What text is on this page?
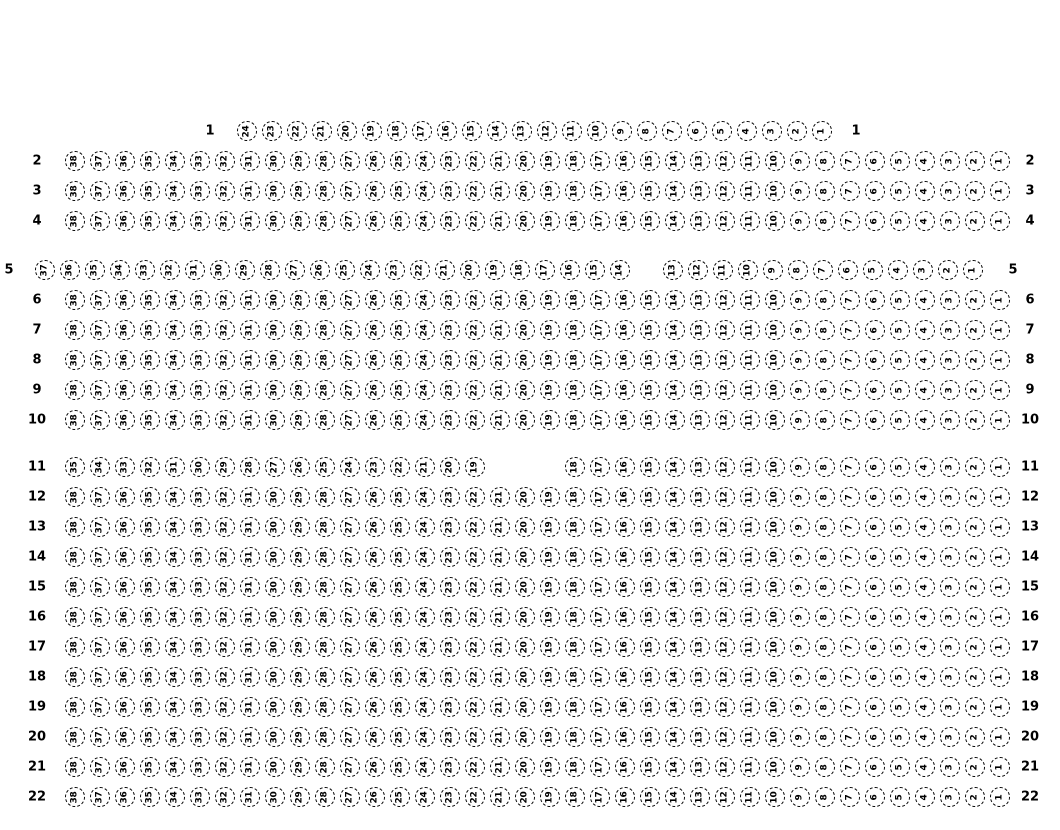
1	24 23 22 21 20 19 18 17 16 15 14 13 12 11 10 9 8 7 6 5 4 3 2 1 1
2	38 37 36 35 34 33 32 31 30 29 28 27 26 25 24 23 22 21 20 19 18 17 16 15 14 13 12 11 10 9 8 7 6 5 4 3 2 1 2
3	38 37 36 35 34 33 32 31 30 29 28 27 26 25 24 23 22 21 20 19 18 17 16 15 14 13 12 11 10 9 8 7 6 5 4 3 2 1 3
4	38 37 36 35 34 33 32 31 30 29 28 27 26 25 24 23 22 21 20 19 18 17 16 15 14 13 12 11 10 9 8 7 6 5 4 3 2 1 4
5	37 36 35 34 33 32 31 30 29 28 27 26 25 24 23 22 21 20 19 18 17 16 15 14	13 12 11 10 9 8 7 6 5 4 3 2 1 5
6	38 37 36 35 34 33 32 31 30 29 28 27 26 25 24 23 22 21 20 19 18 17 16 15 14 13 12 11 10 9 8 7 6 5 4 3 2 1 6
7	38 37 36 35 34 33 32 31 30 29 28 27 26 25 24 23 22 21 20 19 18 17 16 15 14 13 12 11 10 9 8 7 6 5 4 3 2 1 7
8	38 37 36 35 34 33 32 31 30 29 28 27 26 25 24 23 22 21 20 19 18 17 16 15 14 13 12 11 10 9 8 7 6 5 4 3 2 1 8
9	38 37 36 35 34 33 32 31 30 29 28 27 26 25 24 23 22 21 20 19 18 17 16 15 14 13 12 11 10 9 8 7 6 5 4 3 2 1 9
10	38 37 36 35 34 33 32 31 30 29 28 27 26 25 24 23 22 21 20 19 18 17 16 15 14 13 12 11 10 9 8 7 6 5 4 3 2 1 10
11	35 34 33 32 31 30 29 28 27 26 25 24 23 22 21 20 19	18 17 16 15 14 13 12 11 10 9 8 7 6 5 4 3 2 1 11
12	38 37 36 35 34 33 32 31 30 29 28 27 26 25 24 23 22 21 20 19 18 17 16 15 14 13 12 11 10 9 8 7 6 5 4 3 2 1 12
13	38 37 36 35 34 33 32 31 30 29 28 27 26 25 24 23 22 21 20 19 18 17 16 15 14 13 12 11 10 9 8 7 6 5 4 3 2 1 13
14	38 37 36 35 34 33 32 31 30 29 28 27 26 25 24 23 22 21 20 19 18 17 16 15 14 13 12 11 10 9 8 7 6 5 4 3 2 1 14
15	38 37 36 35 34 33 32 31 30 29 28 27 26 25 24 23 22 21 20 19 18 17 16 15 14 13 12 11 10 9 8 7 6 5 4 3 2 1 15
16	38 37 36 35 34 33 32 31 30 29 28 27 26 25 24 23 22 21 20 19 18 17 16 15 14 13 12 11 10 9 8 7 6 5 4 3 2 1 16
17	38 37 36 35 34 33 32 31 30 29 28 27 26 25 24 23 22 21 20 19 18 17 16 15 14 13 12 11 10 9 8 7 6 5 4 3 2 1 17
18	38 37 36 35 34 33 32 31 30 29 28 27 26 25 24 23 22 21 20 19 18 17 16 15 14 13 12 11 10 9 8 7 6 5 4 3 2 1 18
19	38 37 36 35 34 33 32 31 30 29 28 27 26 25 24 23 22 21 20 19 18 17 16 15 14 13 12 11 10 9 8 7 6 5 4 3 2 1 19
20	38 37 36 35 34 33 32 31 30 29 28 27 26 25 24 23 22 21 20 19 18 17 16 15 14 13 12 11 10 9 8 7 6 5 4 3 2 1 20
21	38 37 36 35 34 33 32 31 30 29 28 27 26 25 24 23 22 21 20 19 18 17 16 15 14 13 12 11 10 9 8 7 6 5 4 3 2 1 21
22	38 37 36 35 34 33 32 31 30 29 28 27 26 25 24 23 22 21 20 19 18 17 16 15 14 13 12 11 10 9 8 7 6 5 4 3 2 1 22
